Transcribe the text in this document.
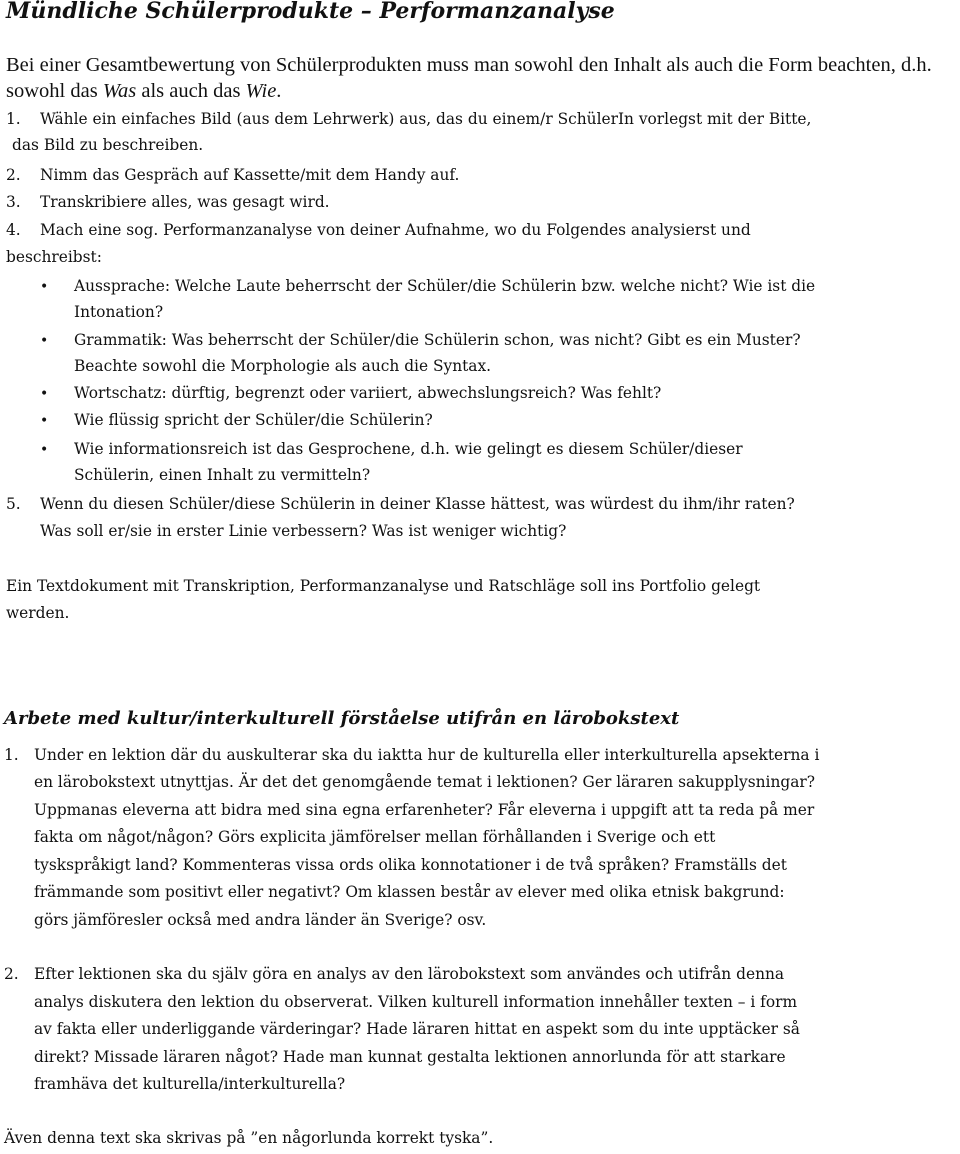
Mündliche Schülerprodukte – Performanzanalyse

Bei einer Gesamtbewertung von Schülerprodukten muss man sowohl den Inhalt als auch die Form beachten, d.h. sowohl das Was als auch das Wie.

1. Wähle ein einfaches Bild (aus dem Lehrwerk) aus, das du einem/r SchülerIn vorlegst mit der Bitte,
das Bild zu beschreiben.
2. Nimm das Gespräch auf Kassette/mit dem Handy auf.
3. Transkribiere alles, was gesagt wird.
4. Mach eine sog. Performanzanalyse von deiner Aufnahme, wo du Folgendes analysierst und
beschreibst:
•
Aussprache: Welche Laute beherrscht der Schüler/die Schülerin bzw. welche nicht? Wie ist die
Intonation?
•
Grammatik: Was beherrscht der Schüler/die Schülerin schon, was nicht? Gibt es ein Muster?
Beachte sowohl die Morphologie als auch die Syntax.
•
Wortschatz: dürftig, begrenzt oder variiert, abwechslungsreich? Was fehlt?
•
Wie flüssig spricht der Schüler/die Schülerin?
•
Wie informationsreich ist das Gesprochene, d.h. wie gelingt es diesem Schüler/dieser
Schülerin, einen Inhalt zu vermitteln?
5. Wenn du diesen Schüler/diese Schülerin in deiner Klasse hättest, was würdest du ihm/ihr raten?
Was soll er/sie in erster Linie verbessern? Was ist weniger wichtig?
Ein Textdokument mit Transkription, Performanzanalyse und Ratschläge soll ins Portfolio gelegt
werden.
Arbete med kultur/interkulturell förståelse utifrån en lärobokstext
1. Under en lektion där du auskulterar ska du iaktta hur de kulturella eller interkulturella apsekterna i
en lärobokstext utnyttjas. Är det det genomgående temat i lektionen? Ger läraren sakupplysningar?
Uppmanas eleverna att bidra med sina egna erfarenheter? Får eleverna i uppgift att ta reda på mer
fakta om något/någon? Görs explicita jämförelser mellan förhållanden i Sverige och ett
tyskspråkigt land? Kommenteras vissa ords olika konnotationer i de två språken? Framställs det
främmande som positivt eller negativt? Om klassen består av elever med olika etnisk bakgrund:
görs jämföresler också med andra länder än Sverige? osv.
2. Efter lektionen ska du själv göra en analys av den lärobokstext som användes och utifrån denna
analys diskutera den lektion du observerat. Vilken kulturell information innehåller texten – i form
av fakta eller underliggande värderingar? Hade läraren hittat en aspekt som du inte upptäcker så
direkt? Missade läraren något? Hade man kunnat gestalta lektionen annorlunda för att starkare
framhäva det kulturella/interkulturella?
Även denna text ska skrivas på ”en någorlunda korrekt tyska”.
